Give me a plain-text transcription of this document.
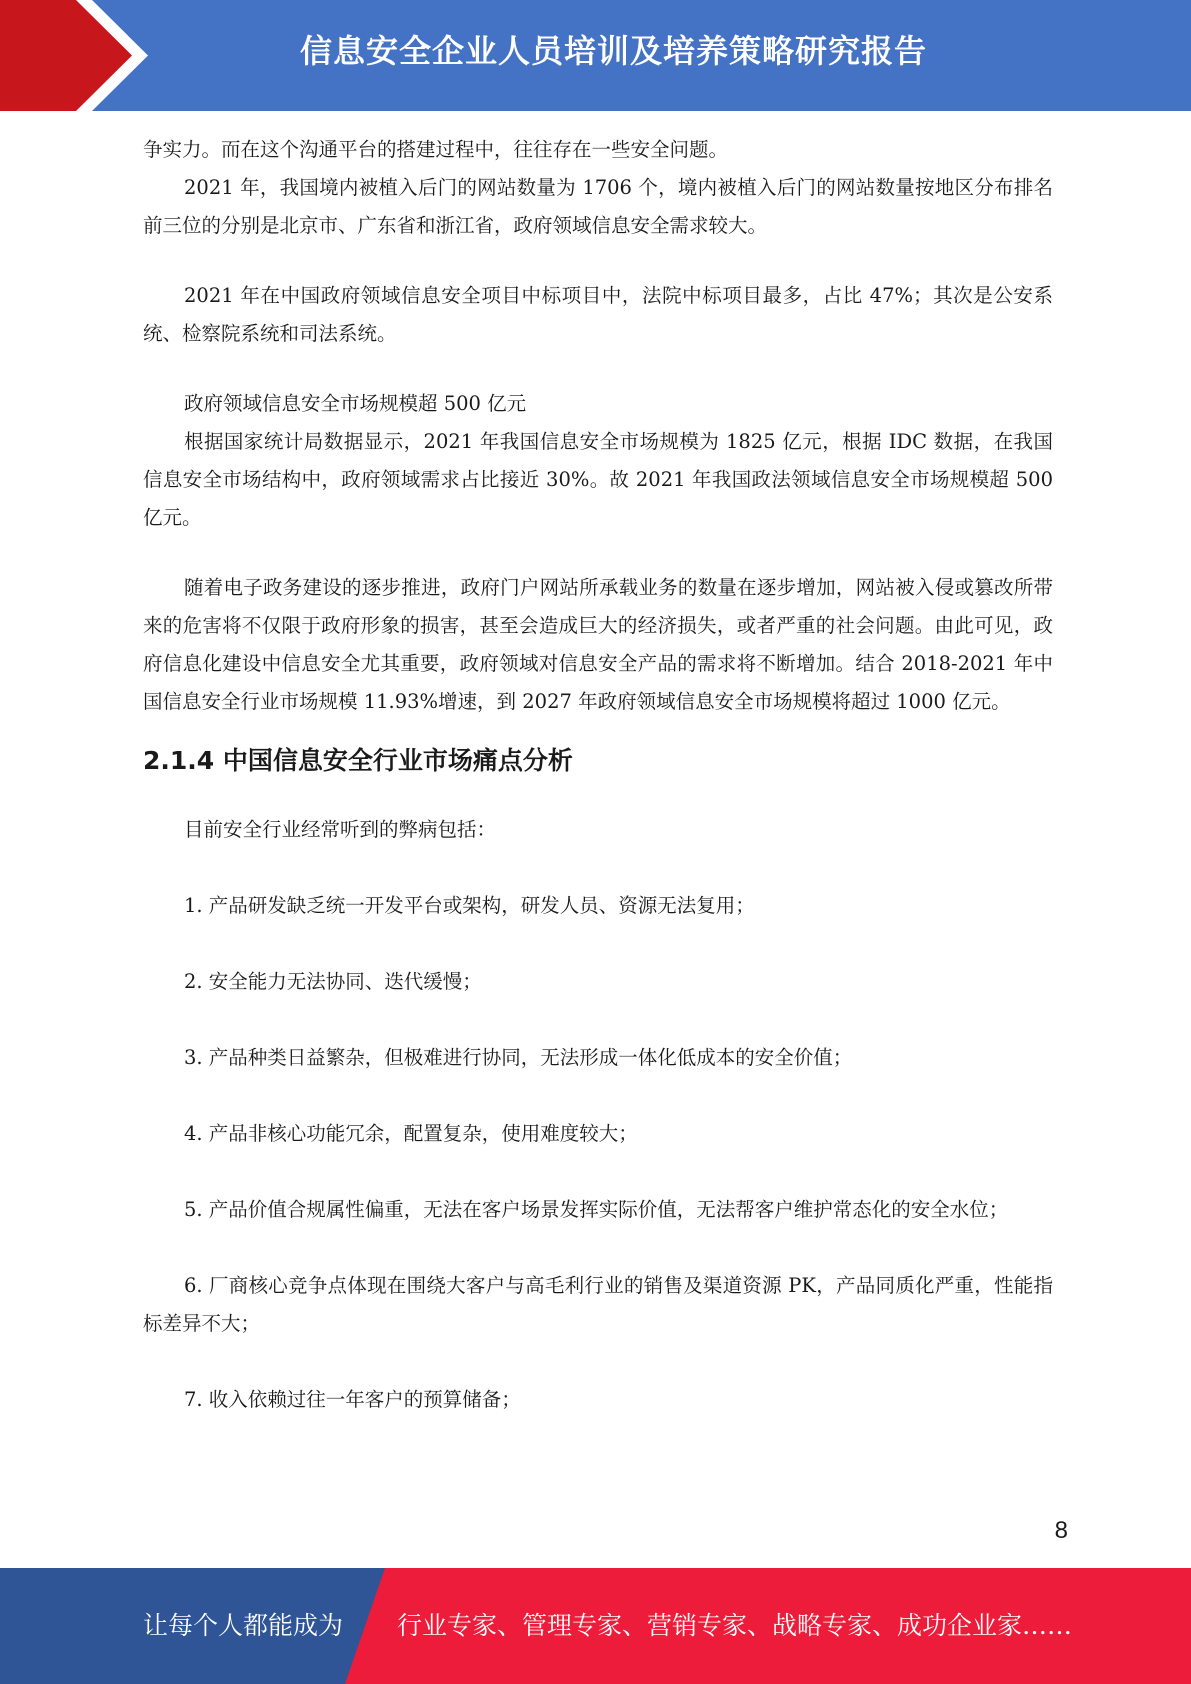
信息安全企业人员培训及培养策略研究报告

争实力。而在这个沟通平台的搭建过程中，往往存在一些安全问题。

2021 年，我国境内被植入后门的网站数量为 1706 个，境内被植入后门的网站数量按地区分布排名前三位的分别是北京市、广东省和浙江省，政府领域信息安全需求较大。

2021 年在中国政府领域信息安全项目中标项目中，法院中标项目最多，占比 47%；其次是公安系统、检察院系统和司法系统。

政府领域信息安全市场规模超 500 亿元

根据国家统计局数据显示，2021 年我国信息安全市场规模为 1825 亿元，根据 IDC 数据，在我国信息安全市场结构中，政府领域需求占比接近 30%。故 2021 年我国政法领域信息安全市场规模超 500 亿元。

随着电子政务建设的逐步推进，政府门户网站所承载业务的数量在逐步增加，网站被入侵或篡改所带来的危害将不仅限于政府形象的损害，甚至会造成巨大的经济损失，或者严重的社会问题。由此可见，政府信息化建设中信息安全尤其重要，政府领域对信息安全产品的需求将不断增加。结合 2018-2021 年中国信息安全行业市场规模 11.93%增速，到 2027 年政府领域信息安全市场规模将超过 1000 亿元。

2.1.4 中国信息安全行业市场痛点分析

目前安全行业经常听到的弊病包括：

1. 产品研发缺乏统一开发平台或架构，研发人员、资源无法复用；

2. 安全能力无法协同、迭代缓慢；

3. 产品种类日益繁杂，但极难进行协同，无法形成一体化低成本的安全价值；

4. 产品非核心功能冗余，配置复杂，使用难度较大；

5. 产品价值合规属性偏重，无法在客户场景发挥实际价值，无法帮客户维护常态化的安全水位；

6. 厂商核心竞争点体现在围绕大客户与高毛利行业的销售及渠道资源 PK，产品同质化严重，性能指标差异不大；

7. 收入依赖过往一年客户的预算储备；

8
让每个人都能成为 行业专家、管理专家、营销专家、战略专家、成功企业家……
